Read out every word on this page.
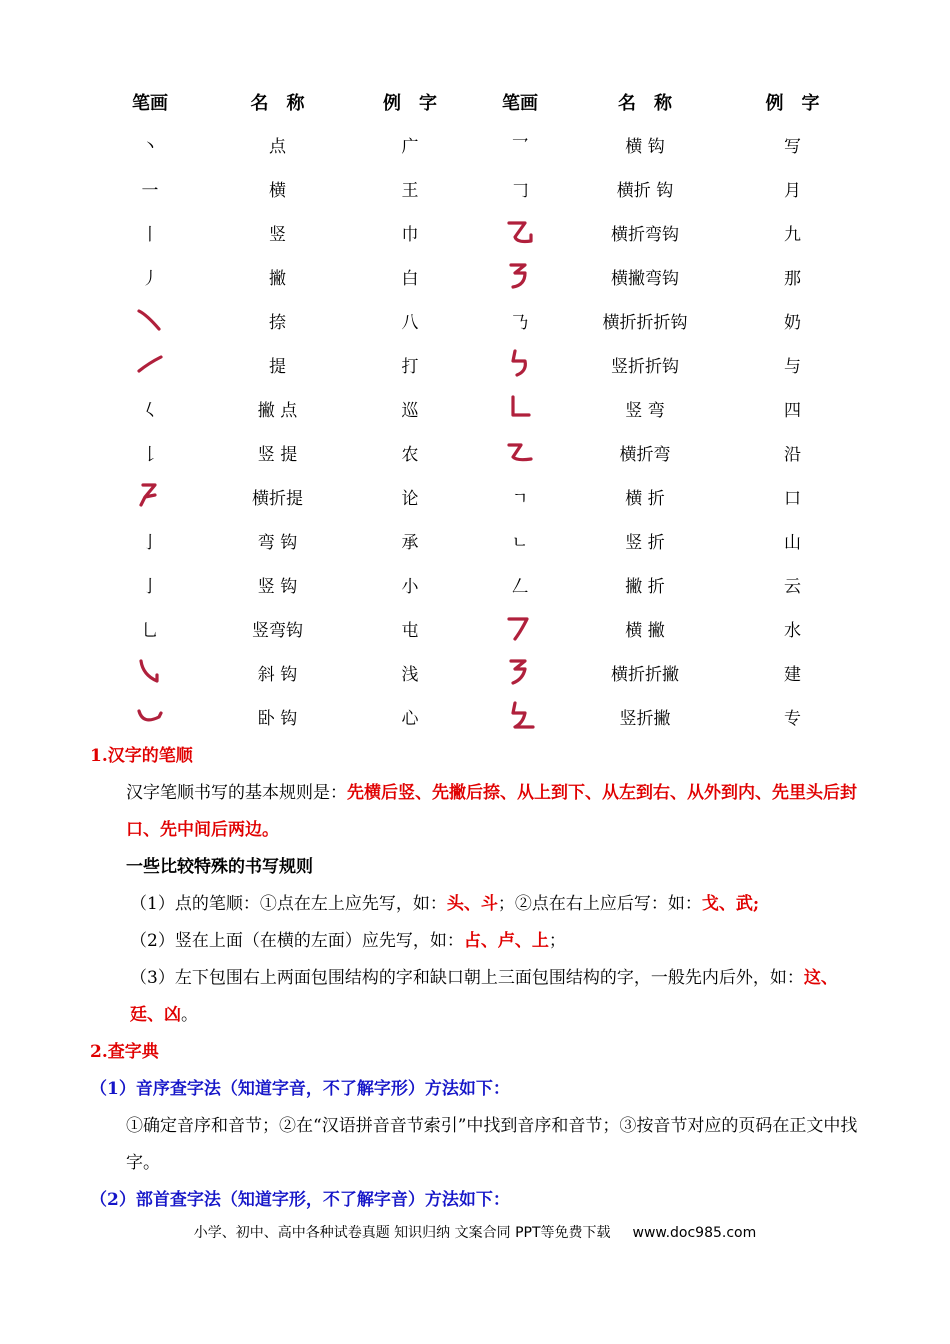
笔画	名　称	例　字	笔画	名　称	例　字
丶	点	广	乛	横 钩	写
一	横	王	𠃌	横折 钩	月
丨	竖	巾		横折弯钩	九
丿	撇	白		横撇弯钩	那
	捺	八	𠄎	横折折折钩	奶
	提	打		竖折折钩	与
𡿨	撇 点	巡		竖 弯	四
𠄌	竖 提	农		横折弯	沿
	横折提	论	ㄱ	横 折	口
亅	弯 钩	承	ㄴ	竖 折	山
亅	竖 钩	小	𠃋	撇 折	云
乚	竖弯钩	屯		横 撇	水
	斜 钩	浅		横折折撇	建
	卧 钩	心		竖折撇	专
1.汉字的笔顺
汉字笔顺书写的基本规则是：先横后竖、先撇后捺、从上到下、从左到右、从外到内、先里头后封口、先中间后两边。
一些比较特殊的书写规则
（1）点的笔顺：①点在左上应先写，如：头、斗；②点在右上应后写：如：戈、武;
（2）竖在上面（在横的左面）应先写，如：占、卢、上；
（3）左下包围右上两面包围结构的字和缺口朝上三面包围结构的字，一般先内后外，如：这、廷、凶。
2.查字典
（1）音序查字法（知道字音，不了解字形）方法如下：
①确定音序和音节；②在“汉语拼音音节索引”中找到音序和音节；③按音节对应的页码在正文中找字。
（2）部首查字法（知道字形，不了解字音）方法如下：
小学、初中、高中各种试卷真题 知识归纳 文案合同 PPT等免费下载 www.doc985.com
